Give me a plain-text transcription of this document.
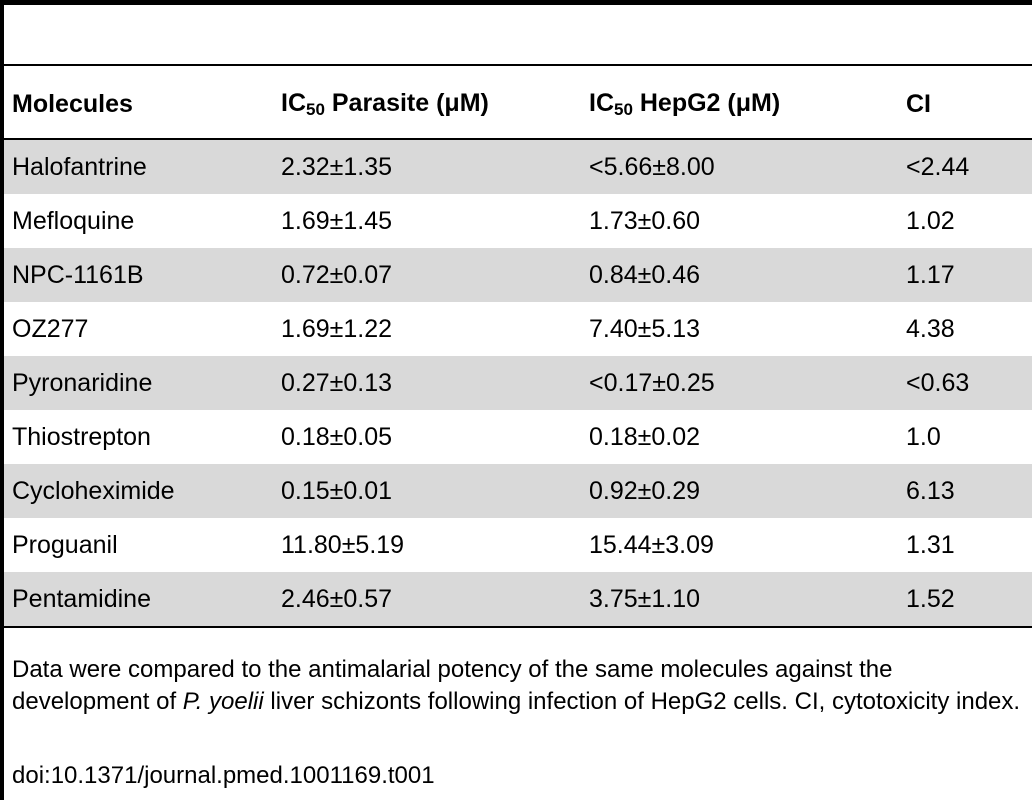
Molecules	$IC_{50}$ Parasite (μM)	$IC_{50}$ HepG2 (μM)	CI
Halofantrine	2.32±1.35	<5.66±8.00	<2.44
Mefloquine	1.69±1.45	1.73±0.60	1.02
NPC-1161B	0.72±0.07	0.84±0.46	1.17
OZ277	1.69±1.22	7.40±5.13	4.38
Pyronaridine	0.27±0.13	<0.17±0.25	<0.63
Thiostrepton	0.18±0.05	0.18±0.02	1.0
Cycloheximide	0.15±0.01	0.92±0.29	6.13
Proguanil	11.80±5.19	15.44±3.09	1.31
Pentamidine	2.46±0.57	3.75±1.10	1.52

Data were compared to the antimalarial potency of the same molecules against the development of P. yoelii liver schizonts following infection of HepG2 cells. CI, cytotoxicity index.

doi:10.1371/journal.pmed.1001169.t001
